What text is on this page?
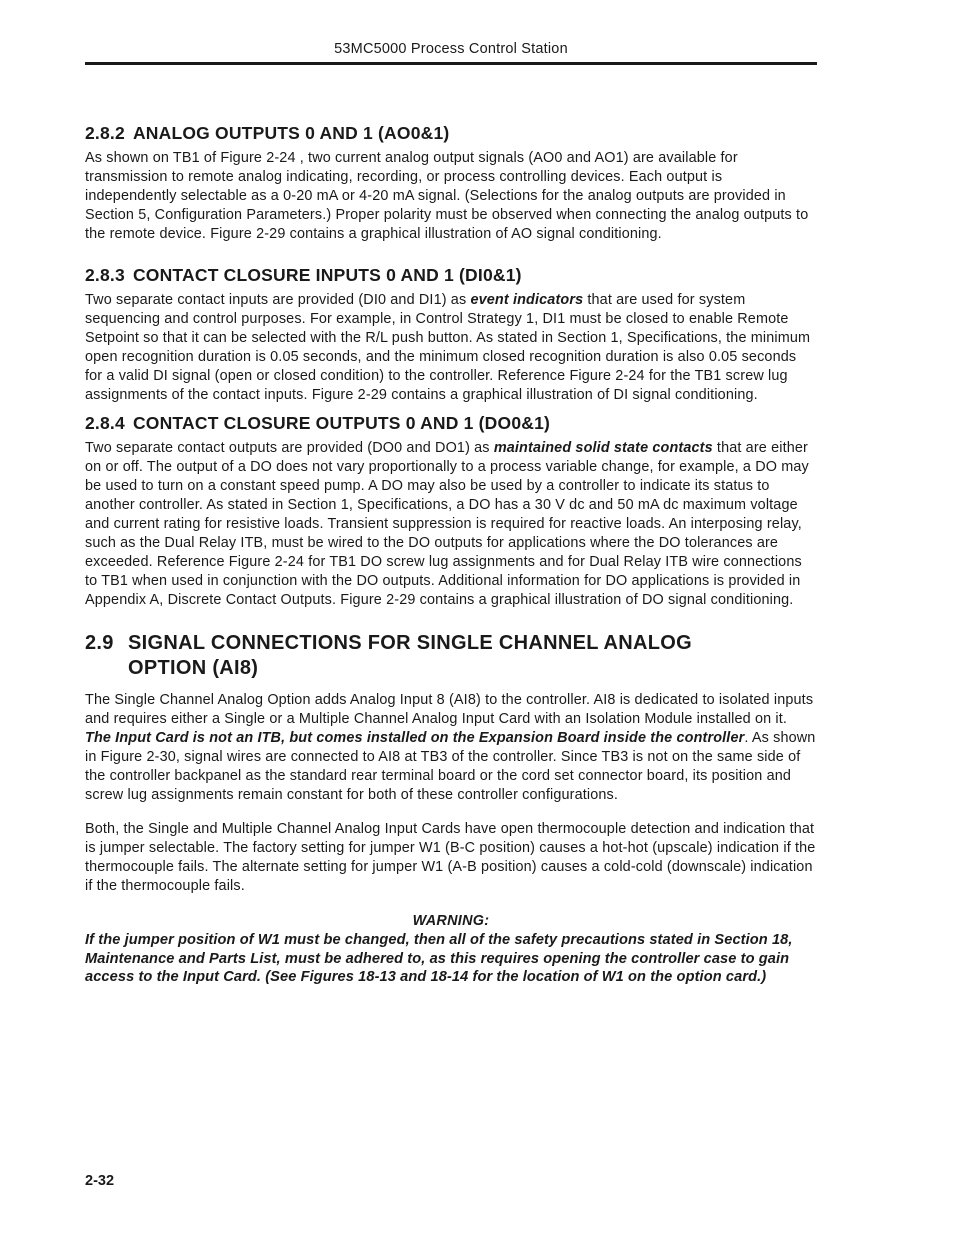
53MC5000 Process Control Station
2.8.2 ANALOG OUTPUTS 0 AND 1 (AO0&1)

As shown on TB1 of Figure 2-24 , two current analog output signals (AO0 and AO1) are available for transmission to remote analog indicating, recording, or process controlling devices. Each output is independently selectable as a 0-20 mA or 4-20 mA signal. (Selections for the analog outputs are provided in Section 5, Configuration Parameters.) Proper polarity must be observed when connecting the analog outputs to the remote device. Figure 2-29 contains a graphical illustration of AO signal conditioning.

2.8.3 CONTACT CLOSURE INPUTS 0 AND 1 (DI0&1)

Two separate contact inputs are provided (DI0 and DI1) as event indicators that are used for system sequencing and control purposes. For example, in Control Strategy 1, DI1 must be closed to enable Remote Setpoint so that it can be selected with the R/L push button. As stated in Section 1, Specifications, the minimum open recognition duration is 0.05 seconds, and the minimum closed recognition duration is also 0.05 seconds for a valid DI signal (open or closed condition) to the controller. Reference Figure 2-24 for the TB1 screw lug assignments of the contact inputs. Figure 2-29 contains a graphical illustration of DI signal conditioning.

2.8.4 CONTACT CLOSURE OUTPUTS 0 AND 1 (DO0&1)

Two separate contact outputs are provided (DO0 and DO1) as maintained solid state contacts that are either on or off. The output of a DO does not vary proportionally to a process variable change, for example, a DO may be used to turn on a constant speed pump. A DO may also be used by a controller to indicate its status to another controller. As stated in Section 1, Specifications, a DO has a 30 V dc and 50 mA dc maximum voltage and current rating for resistive loads. Transient suppression is required for reactive loads. An interposing relay, such as the Dual Relay ITB, must be wired to the DO outputs for applications where the DO tolerances are exceeded. Reference Figure 2-24 for TB1 DO screw lug assignments and for Dual Relay ITB wire connections to TB1 when used in conjunction with the DO outputs. Additional information for DO applications is provided in Appendix A, Discrete Contact Outputs. Figure 2-29 contains a graphical illustration of DO signal conditioning.

2.9 SIGNAL CONNECTIONS FOR SINGLE CHANNEL ANALOG
OPTION (AI8)

The Single Channel Analog Option adds Analog Input 8 (AI8) to the controller. AI8 is dedicated to isolated inputs and requires either a Single or a Multiple Channel Analog Input Card with an Isolation Module installed on it. The Input Card is not an ITB, but comes installed on the Expansion Board inside the controller. As shown in Figure 2-30, signal wires are connected to AI8 at TB3 of the controller. Since TB3 is not on the same side of the controller backpanel as the standard rear terminal board or the cord set connector board, its position and screw lug assignments remain constant for both of these controller configurations.

Both, the Single and Multiple Channel Analog Input Cards have open thermocouple detection and indication that is jumper selectable. The factory setting for jumper W1 (B-C position) causes a hot-hot (upscale) indication if the thermocouple fails. The alternate setting for jumper W1 (A-B position) causes a cold-cold (downscale) indication if the thermocouple fails.

WARNING:

If the jumper position of W1 must be changed, then all of the safety precautions stated in Section 18, Maintenance and Parts List, must be adhered to, as this requires opening the controller case to gain access to the Input Card. (See Figures 18-13 and 18-14 for the location of W1 on the option card.)

2-32
